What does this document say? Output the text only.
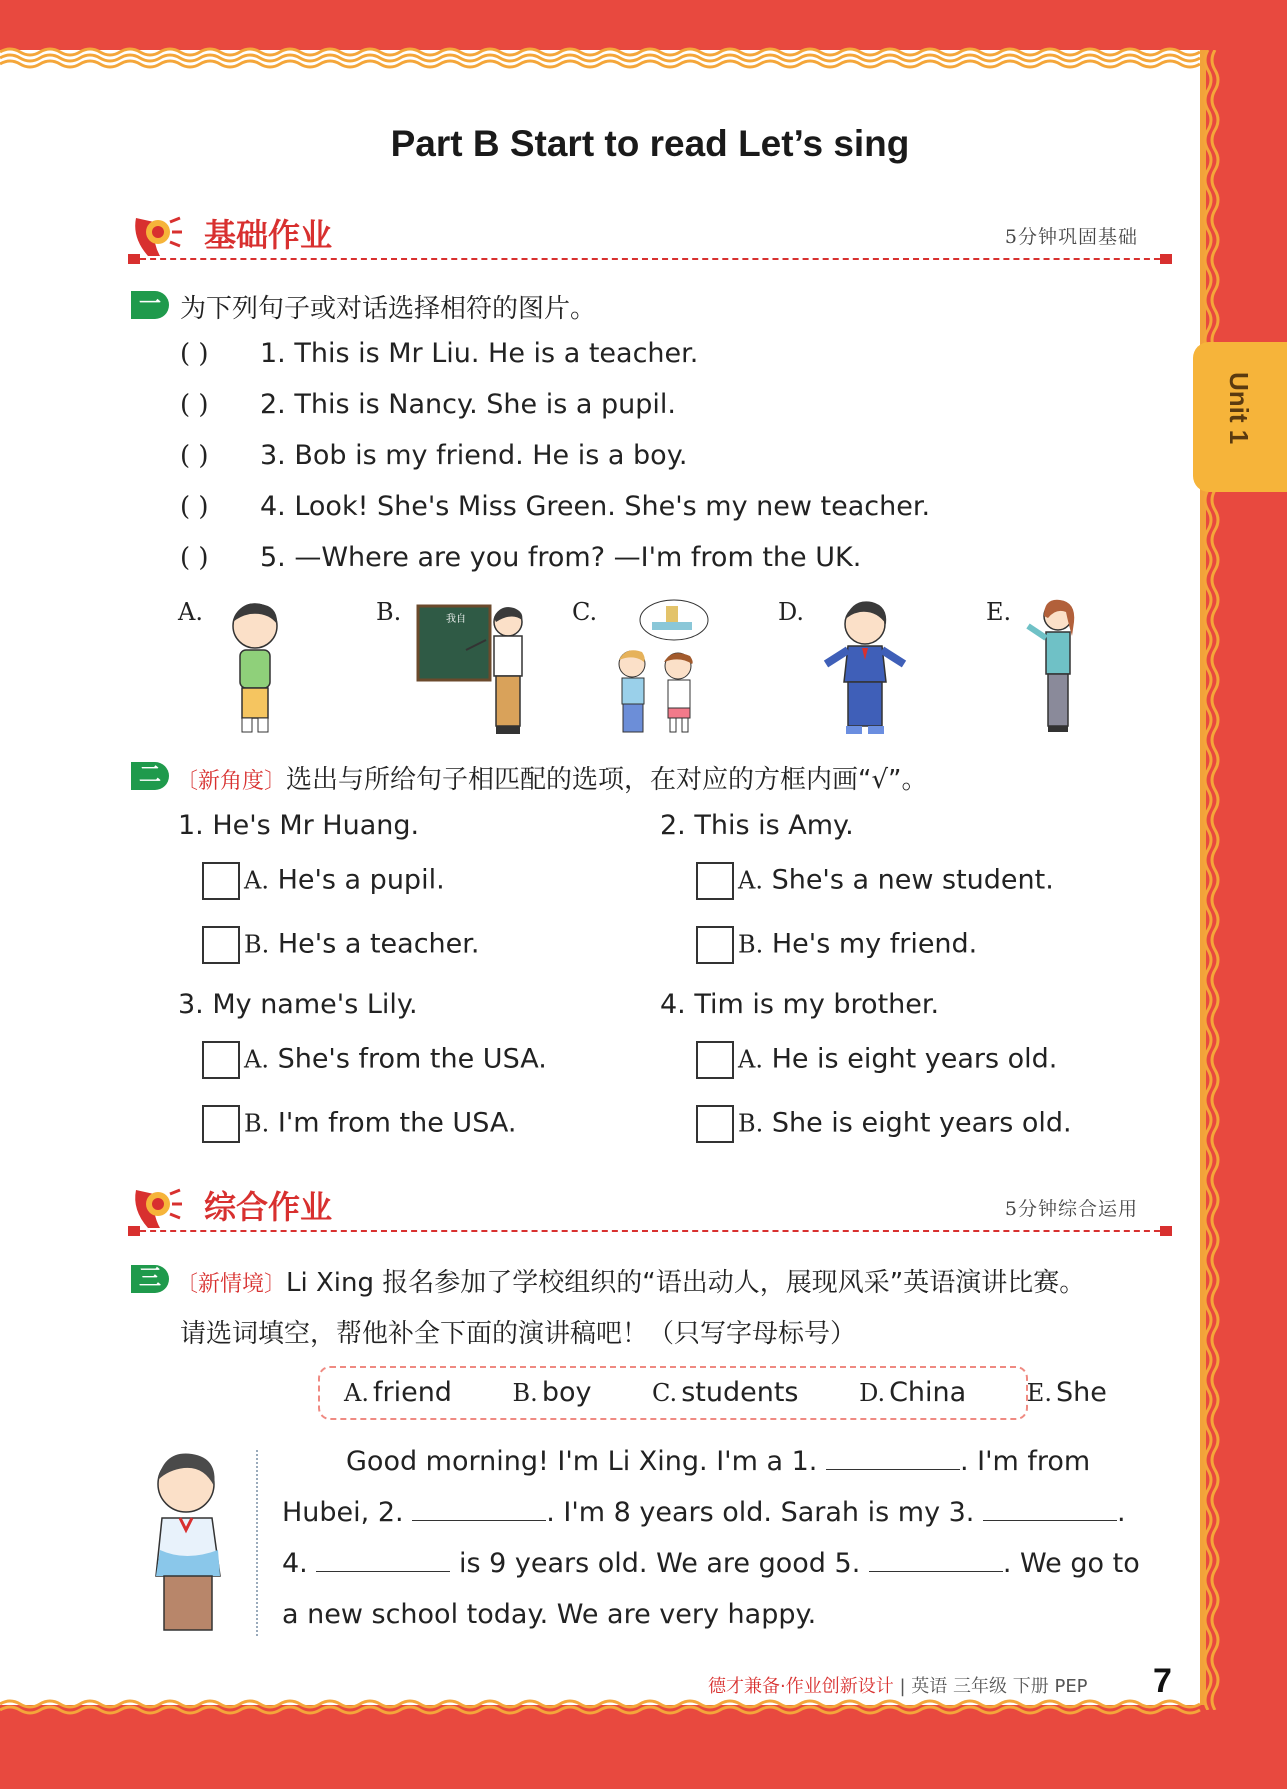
Unit 1
Part B Start to read Let’s sing
基础作业	5分钟巩固基础
一 为下列句子或对话选择相符的图片。
( ) 1. This is Mr Liu. He is a teacher.
( ) 2. This is Nancy. She is a pupil.
( ) 3. Bob is my friend. He is a boy.
( ) 4. Look! She's Miss Green. She's my new teacher.
( ) 5. —Where are you from? —I'm from the UK.
A.	B.	我自	C.	D.	E.
二 〔新角度〕选出与所给句子相匹配的选项，在对应的方框内画“√”。
1. He's Mr Huang.
A. He's a pupil.
B. He's a teacher.
2. This is Amy.
A. She's a new student.
B. He's my friend.
3. My name's Lily.
A. She's from the USA.
B. I'm from the USA.
4. Tim is my brother.
A. He is eight years old.
B. She is eight years old.
综合作业	5分钟综合运用
三 〔新情境〕Li Xing 报名参加了学校组织的“语出动人，展现风采”英语演讲比赛。
请选词填空，帮他补全下面的演讲稿吧！（只写字母标号）
A. friend	B. boy	C. students	D. China	E. She
Good morning! I'm Li Xing. I'm a 1.	. I'm from
Hubei, 2.	. I'm 8 years old. Sarah is my 3.	.
4.	is 9 years old. We are good 5.	. We go to
a new school today. We are very happy.
德才兼备·作业创新设计 | 英语 三年级 下册 PEP 7
